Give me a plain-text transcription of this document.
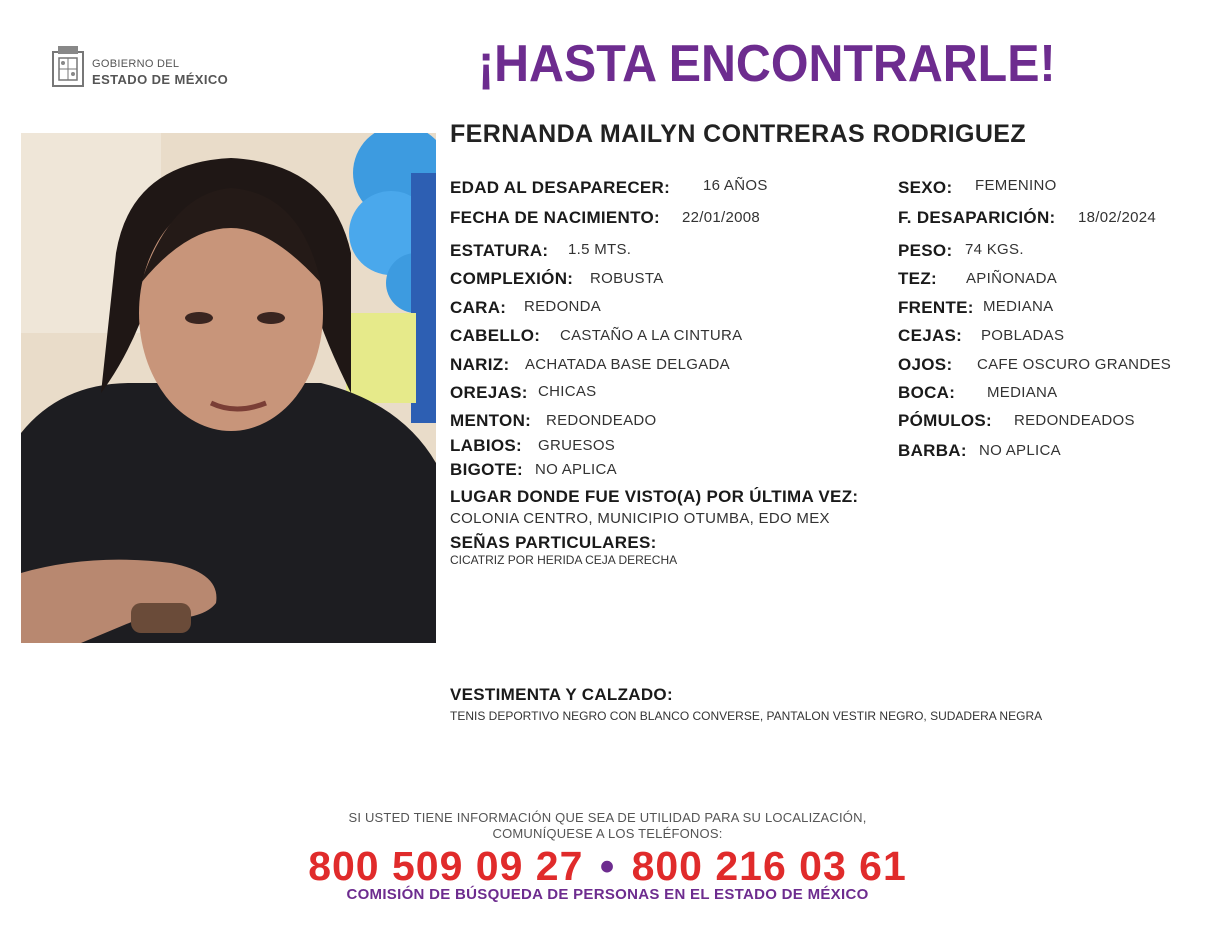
GOBIERNO DEL
ESTADO DE MÉXICO	¡HASTA ENCONTRARLE!
FERNANDA MAILYN CONTRERAS RODRIGUEZ
EDAD AL DESAPARECER: 16 AÑOS
FECHA DE NACIMIENTO: 22/01/2008
ESTATURA: 1.5 MTS.
COMPLEXIÓN: ROBUSTA
CARA: REDONDA
CABELLO: CASTAÑO A LA CINTURA
NARIZ: ACHATADA BASE DELGADA
OREJAS: CHICAS
MENTON: REDONDEADO
LABIOS: GRUESOS
BIGOTE: NO APLICA
SEXO: FEMENINO
F. DESAPARICIÓN: 18/02/2024
PESO: 74 KGS.
TEZ: APIÑONADA
FRENTE: MEDIANA
CEJAS: POBLADAS
OJOS: CAFE OSCURO GRANDES
BOCA: MEDIANA
PÓMULOS: REDONDEADOS
BARBA: NO APLICA
LUGAR DONDE FUE VISTO(A) POR ÚLTIMA VEZ:
COLONIA CENTRO, MUNICIPIO OTUMBA, EDO MEX
SEÑAS PARTICULARES:
CICATRIZ POR HERIDA CEJA DERECHA
VESTIMENTA Y CALZADO:
TENIS DEPORTIVO NEGRO CON BLANCO CONVERSE, PANTALON VESTIR NEGRO, SUDADERA NEGRA
SI USTED TIENE INFORMACIÓN QUE SEA DE UTILIDAD PARA SU LOCALIZACIÓN,
COMUNÍQUESE A LOS TELÉFONOS:
800 509 09 27 • 800 216 03 61
COMISIÓN DE BÚSQUEDA DE PERSONAS EN EL ESTADO DE MÉXICO
